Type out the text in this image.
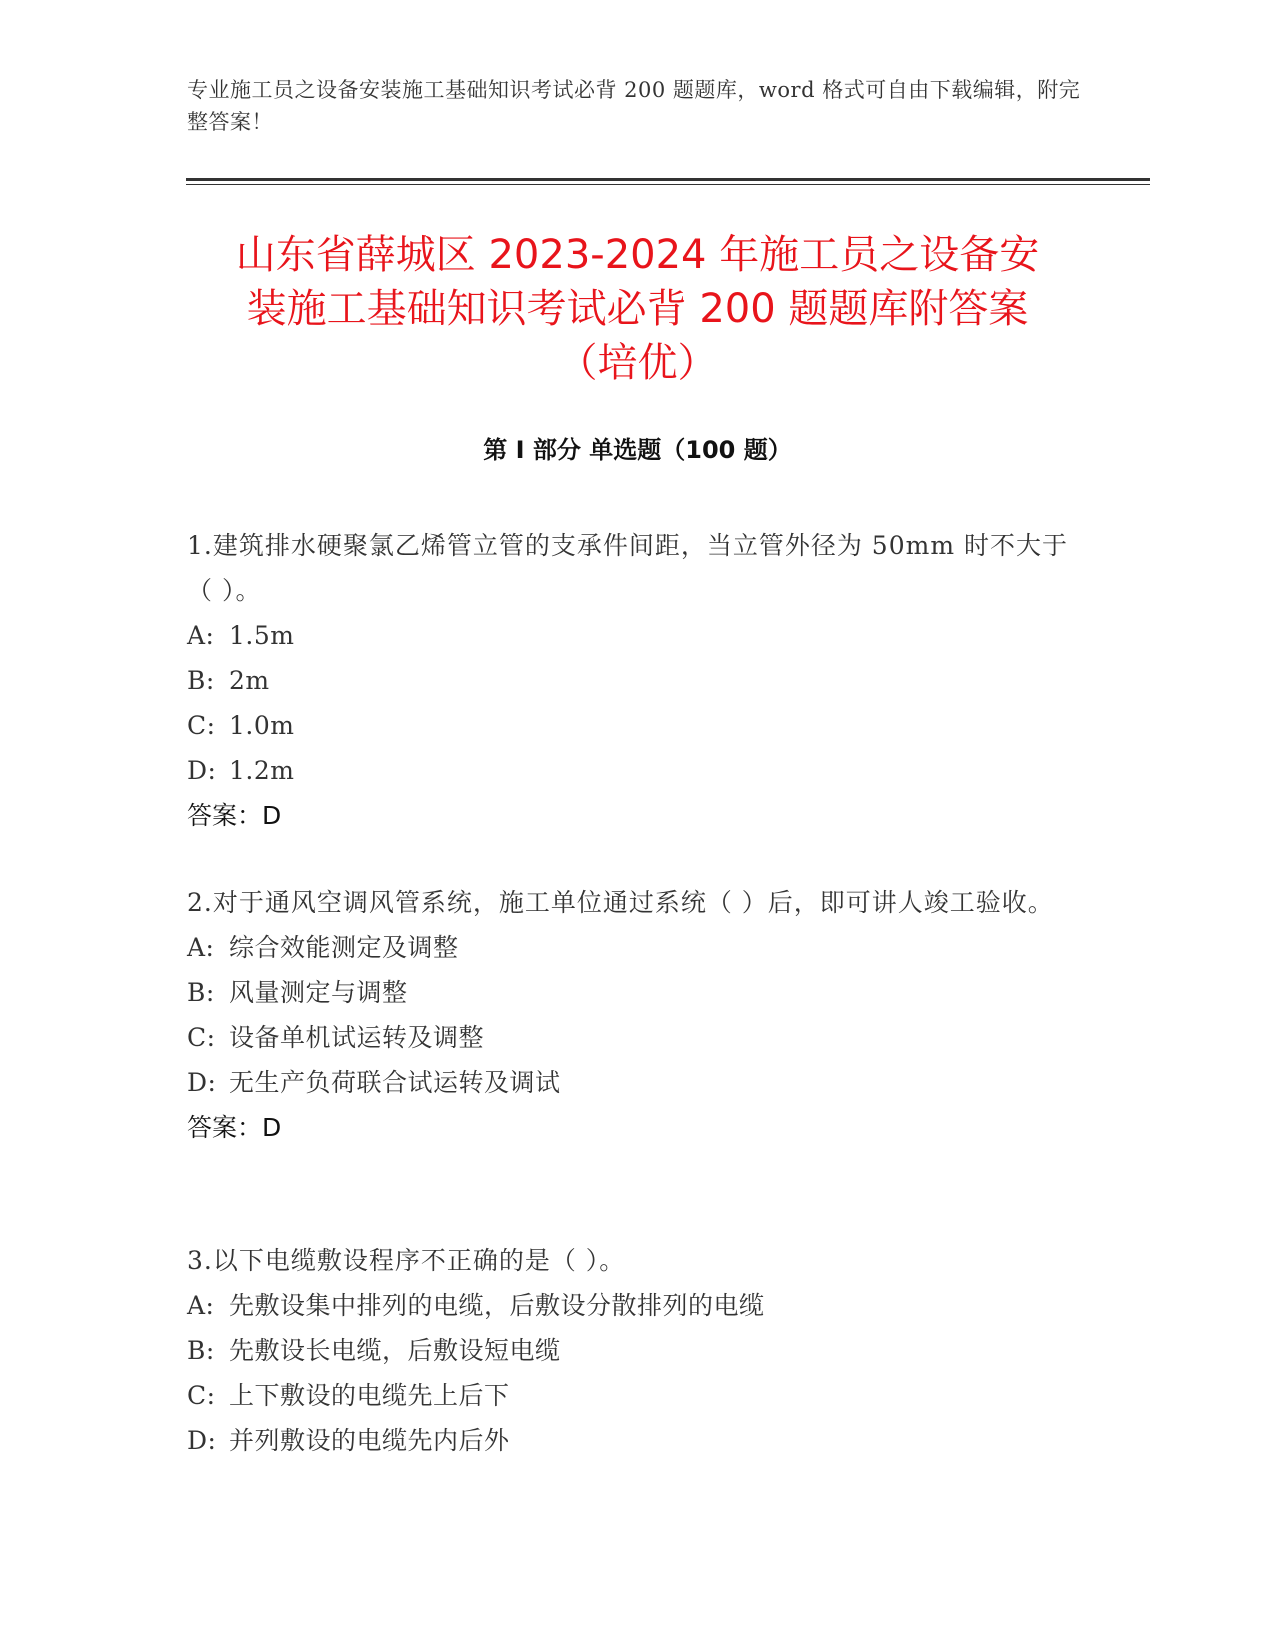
专业施工员之设备安装施工基础知识考试必背 200 题题库，word 格式可自由下载编辑，附完整答案！
山东省薛城区 2023-2024 年施工员之设备安
装施工基础知识考试必背 200 题题库附答案
（培优）
第 I 部分 单选题（100 题）
1.建筑排水硬聚氯乙烯管立管的支承件间距，当立管外径为 50mm 时不大于（ ）。
A: 1.5m
B: 2m
C: 1.0m
D: 1.2m
答案：D
2.对于通风空调风管系统，施工单位通过系统（ ）后，即可讲人竣工验收。
A: 综合效能测定及调整
B: 风量测定与调整
C: 设备单机试运转及调整
D: 无生产负荷联合试运转及调试
答案：D
3.以下电缆敷设程序不正确的是（ ）。
A: 先敷设集中排列的电缆，后敷设分散排列的电缆
B: 先敷设长电缆，后敷设短电缆
C: 上下敷设的电缆先上后下
D: 并列敷设的电缆先内后外
